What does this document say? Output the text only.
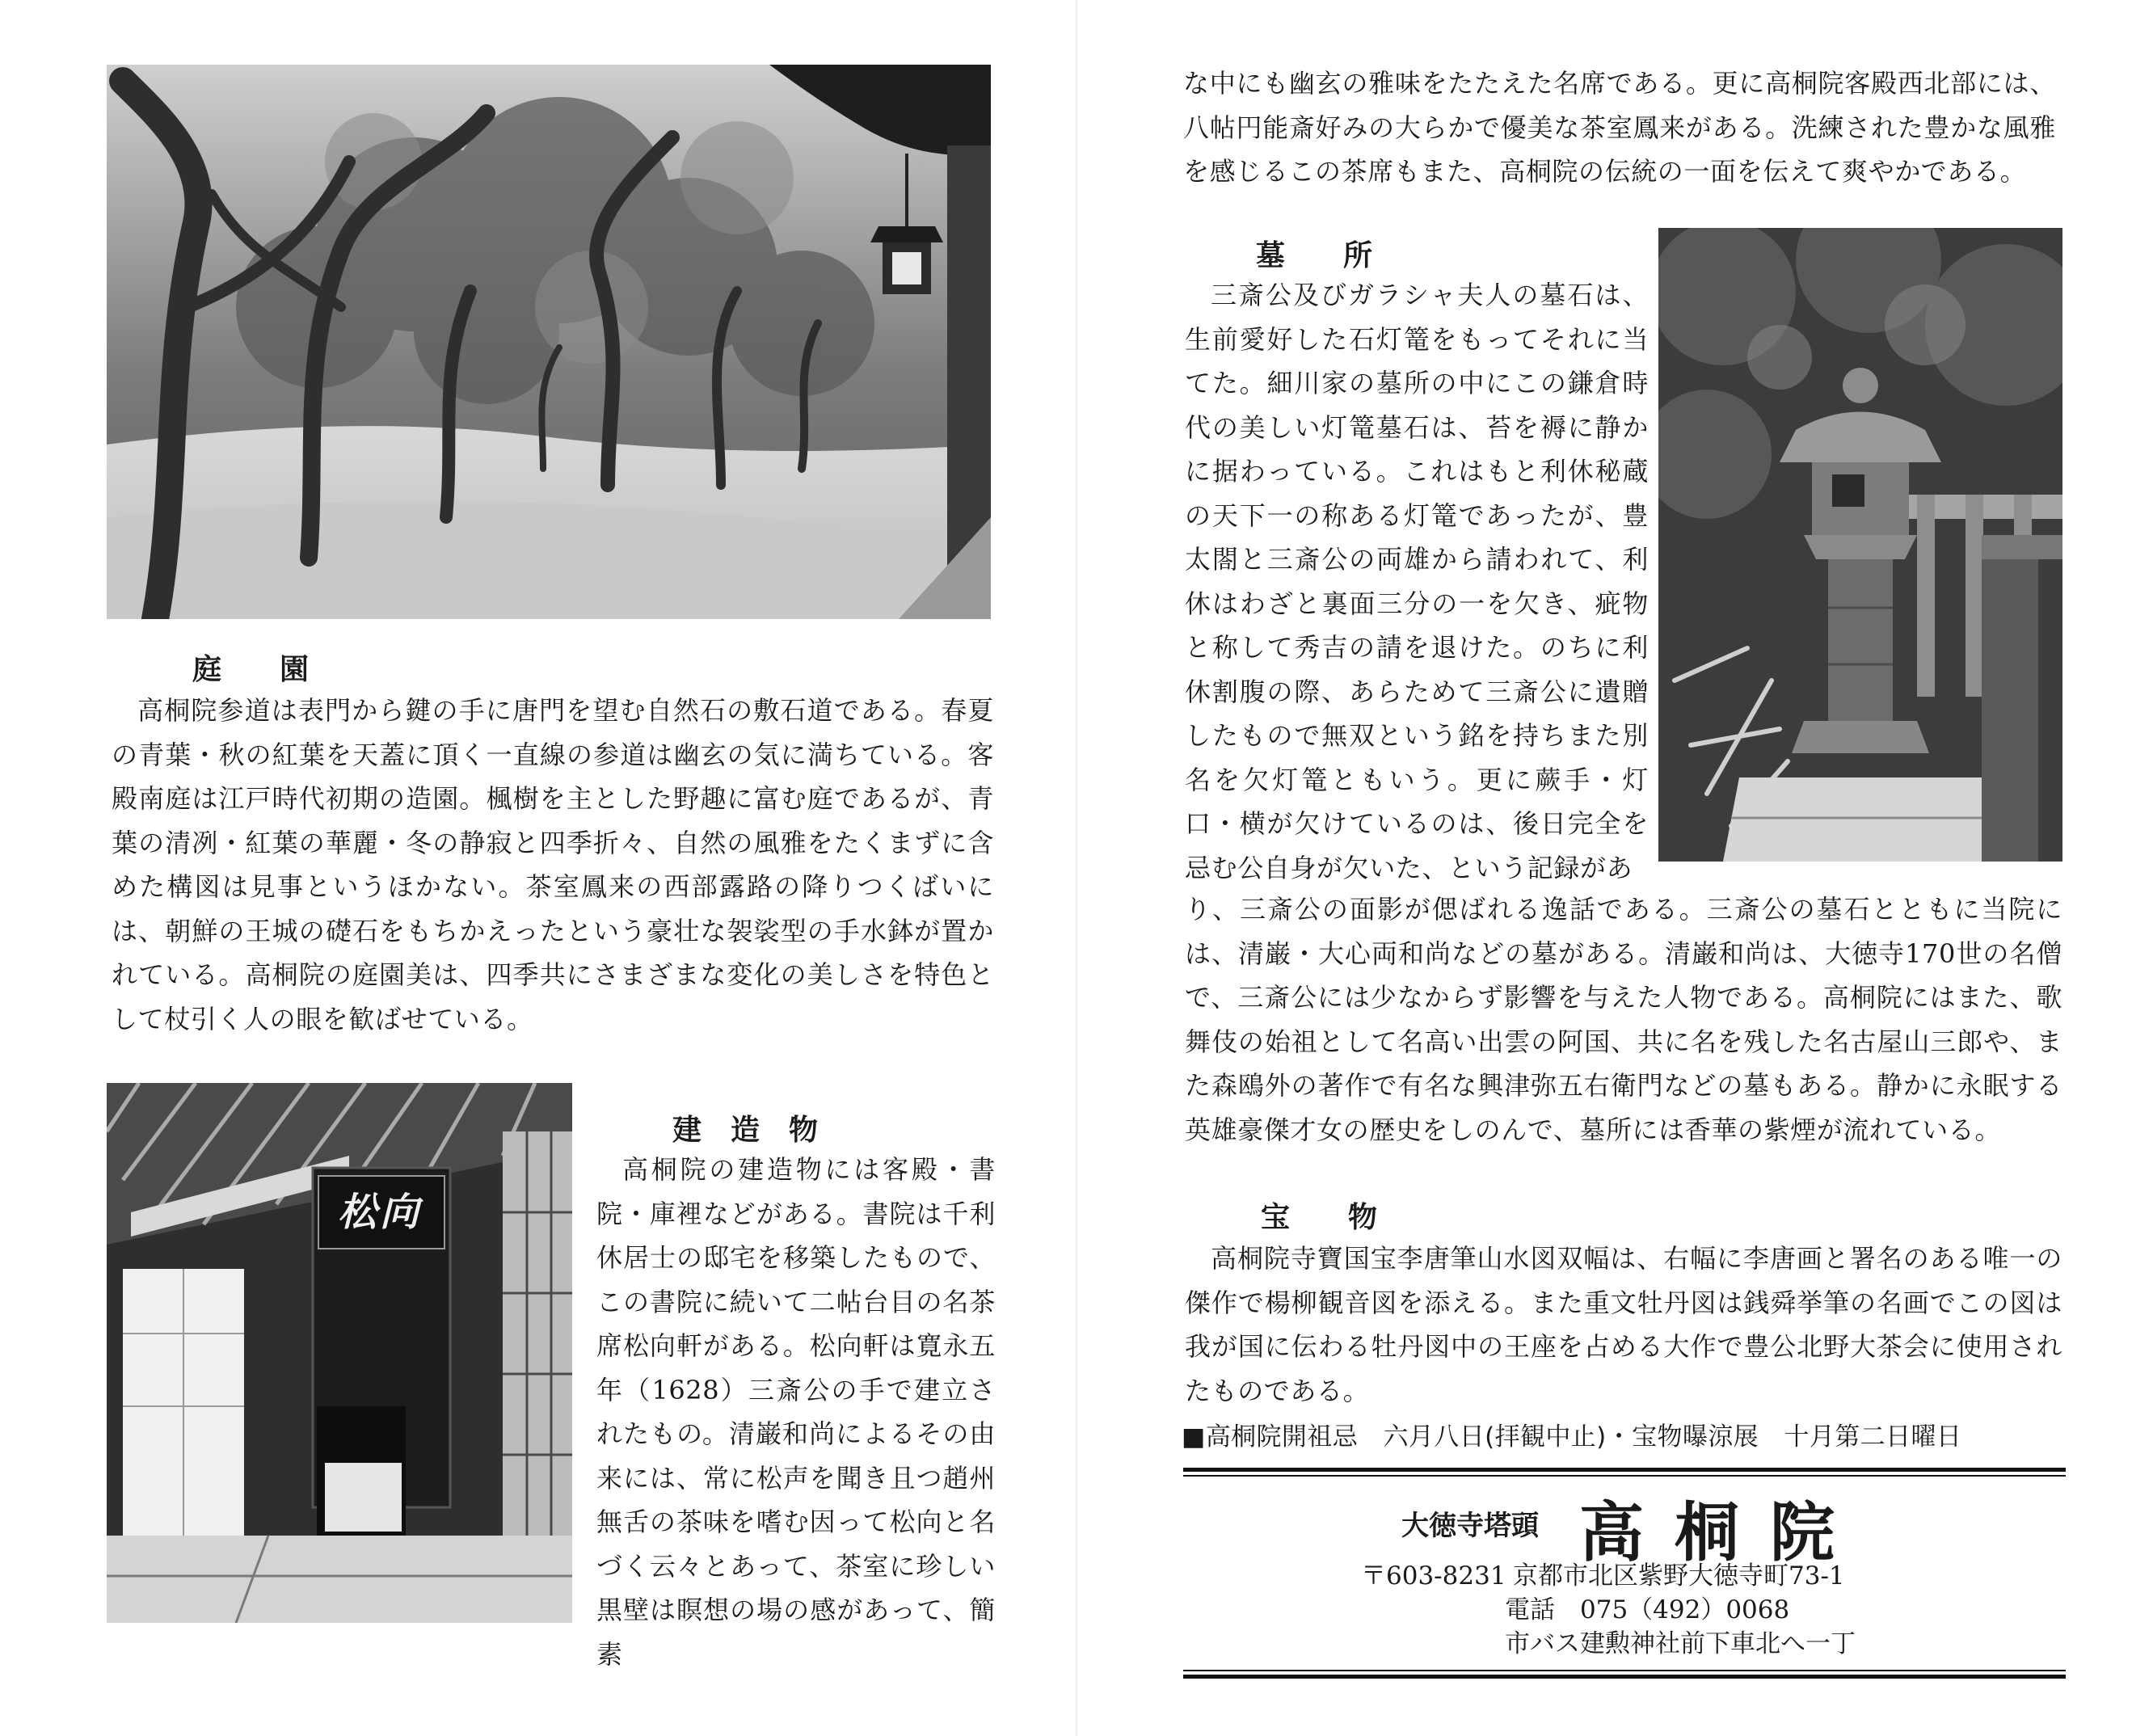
庭　　園

高桐院参道は表門から鍵の手に唐門を望む自然石の敷石道である。春夏の青葉・秋の紅葉を天蓋に頂く一直線の参道は幽玄の気に満ちている。客殿南庭は江戸時代初期の造園。楓樹を主とした野趣に富む庭であるが、青葉の清冽・紅葉の華麗・冬の静寂と四季折々、自然の風雅をたくまずに含めた構図は見事というほかない。茶室鳳来の西部露路の降りつくばいには、朝鮮の王城の礎石をもちかえったという豪壮な袈裟型の手水鉢が置かれている。高桐院の庭園美は、四季共にさまざまな変化の美しさを特色として杖引く人の眼を歓ばせている。

松向
建　造　物

高桐院の建造物には客殿・書院・庫裡などがある。書院は千利休居士の邸宅を移築したもので、この書院に続いて二帖台目の名茶席松向軒がある。松向軒は寛永五年（1628）三斎公の手で建立されたもの。清巌和尚によるその由来には、常に松声を聞き且つ趙州無舌の茶味を嗜む因って松向と名づく云々とあって、茶室に珍しい黒壁は瞑想の場の感があって、簡素

な中にも幽玄の雅味をたたえた名席である。更に高桐院客殿西北部には、八帖円能斎好みの大らかで優美な茶室鳳来がある。洗練された豊かな風雅を感じるこの茶席もまた、高桐院の伝統の一面を伝えて爽やかである。

墓　　所

三斎公及びガラシャ夫人の墓石は、生前愛好した石灯篭をもってそれに当てた。細川家の墓所の中にこの鎌倉時代の美しい灯篭墓石は、苔を褥に静かに据わっている。これはもと利休秘蔵の天下一の称ある灯篭であったが、豊太閤と三斎公の両雄から請われて、利休はわざと裏面三分の一を欠き、疵物と称して秀吉の請を退けた。のちに利休割腹の際、あらためて三斎公に遺贈したもので無双という銘を持ちまた別名を欠灯篭ともいう。更に蕨手・灯口・横が欠けているのは、後日完全を忌む公自身が欠いた、という記録があ

り、三斎公の面影が偲ばれる逸話である。三斎公の墓石とともに当院には、清巌・大心両和尚などの墓がある。清巌和尚は、大徳寺170世の名僧で、三斎公には少なからず影響を与えた人物である。高桐院にはまた、歌舞伎の始祖として名高い出雲の阿国、共に名を残した名古屋山三郎や、また森鴎外の著作で有名な興津弥五右衛門などの墓もある。静かに永眠する英雄豪傑才女の歴史をしのんで、墓所には香華の紫煙が流れている。

宝　　物

高桐院寺寶国宝李唐筆山水図双幅は、右幅に李唐画と署名のある唯一の傑作で楊柳観音図を添える。また重文牡丹図は銭舜挙筆の名画でこの図は我が国に伝わる牡丹図中の王座を占める大作で豊公北野大茶会に使用されたものである。

■高桐院開祖忌　六月八日(拝観中止)・宝物曝涼展　十月第二日曜日

大徳寺塔頭 高桐院

〒603-8231 京都市北区紫野大徳寺町73-1

電話　075（492）0068

市バス建勲神社前下車北へ一丁
